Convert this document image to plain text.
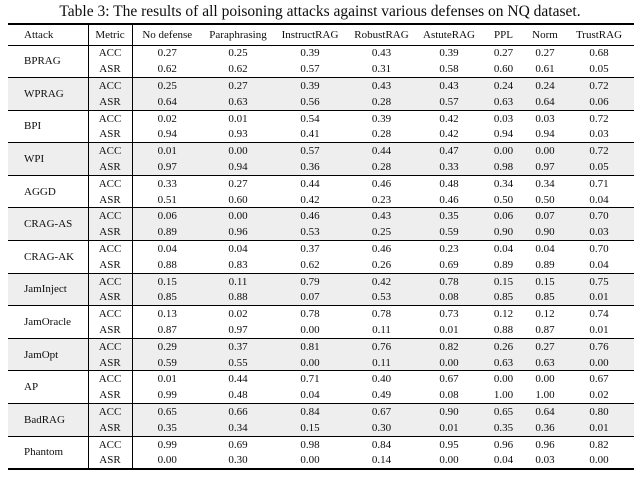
Table 3: The results of all poisoning attacks against various defenses on NQ dataset.
Attack	Metric	No defense	Paraphrasing	InstructRAG	RobustRAG	AstuteRAG	PPL	Norm	TrustRAG
BPRAG	ACC	0.27	0.25	0.39	0.43	0.39	0.27	0.27	0.68
	ASR	0.62	0.62	0.57	0.31	0.58	0.60	0.61	0.05
WPRAG	ACC	0.25	0.27	0.39	0.43	0.43	0.24	0.24	0.72
	ASR	0.64	0.63	0.56	0.28	0.57	0.63	0.64	0.06
BPI	ACC	0.02	0.01	0.54	0.39	0.42	0.03	0.03	0.72
	ASR	0.94	0.93	0.41	0.28	0.42	0.94	0.94	0.03
WPI	ACC	0.01	0.00	0.57	0.44	0.47	0.00	0.00	0.72
	ASR	0.97	0.94	0.36	0.28	0.33	0.98	0.97	0.05
AGGD	ACC	0.33	0.27	0.44	0.46	0.48	0.34	0.34	0.71
	ASR	0.51	0.60	0.42	0.23	0.46	0.50	0.50	0.04
CRAG-AS	ACC	0.06	0.00	0.46	0.43	0.35	0.06	0.07	0.70
	ASR	0.89	0.96	0.53	0.25	0.59	0.90	0.90	0.03
CRAG-AK	ACC	0.04	0.04	0.37	0.46	0.23	0.04	0.04	0.70
	ASR	0.88	0.83	0.62	0.26	0.69	0.89	0.89	0.04
JamInject	ACC	0.15	0.11	0.79	0.42	0.78	0.15	0.15	0.75
	ASR	0.85	0.88	0.07	0.53	0.08	0.85	0.85	0.01
JamOracle	ACC	0.13	0.02	0.78	0.78	0.73	0.12	0.12	0.74
	ASR	0.87	0.97	0.00	0.11	0.01	0.88	0.87	0.01
JamOpt	ACC	0.29	0.37	0.81	0.76	0.82	0.26	0.27	0.76
	ASR	0.59	0.55	0.00	0.11	0.00	0.63	0.63	0.00
AP	ACC	0.01	0.44	0.71	0.40	0.67	0.00	0.00	0.67
	ASR	0.99	0.48	0.04	0.49	0.08	1.00	1.00	0.02
BadRAG	ACC	0.65	0.66	0.84	0.67	0.90	0.65	0.64	0.80
	ASR	0.35	0.34	0.15	0.30	0.01	0.35	0.36	0.01
Phantom	ACC	0.99	0.69	0.98	0.84	0.95	0.96	0.96	0.82
	ASR	0.00	0.30	0.00	0.14	0.00	0.04	0.03	0.00
